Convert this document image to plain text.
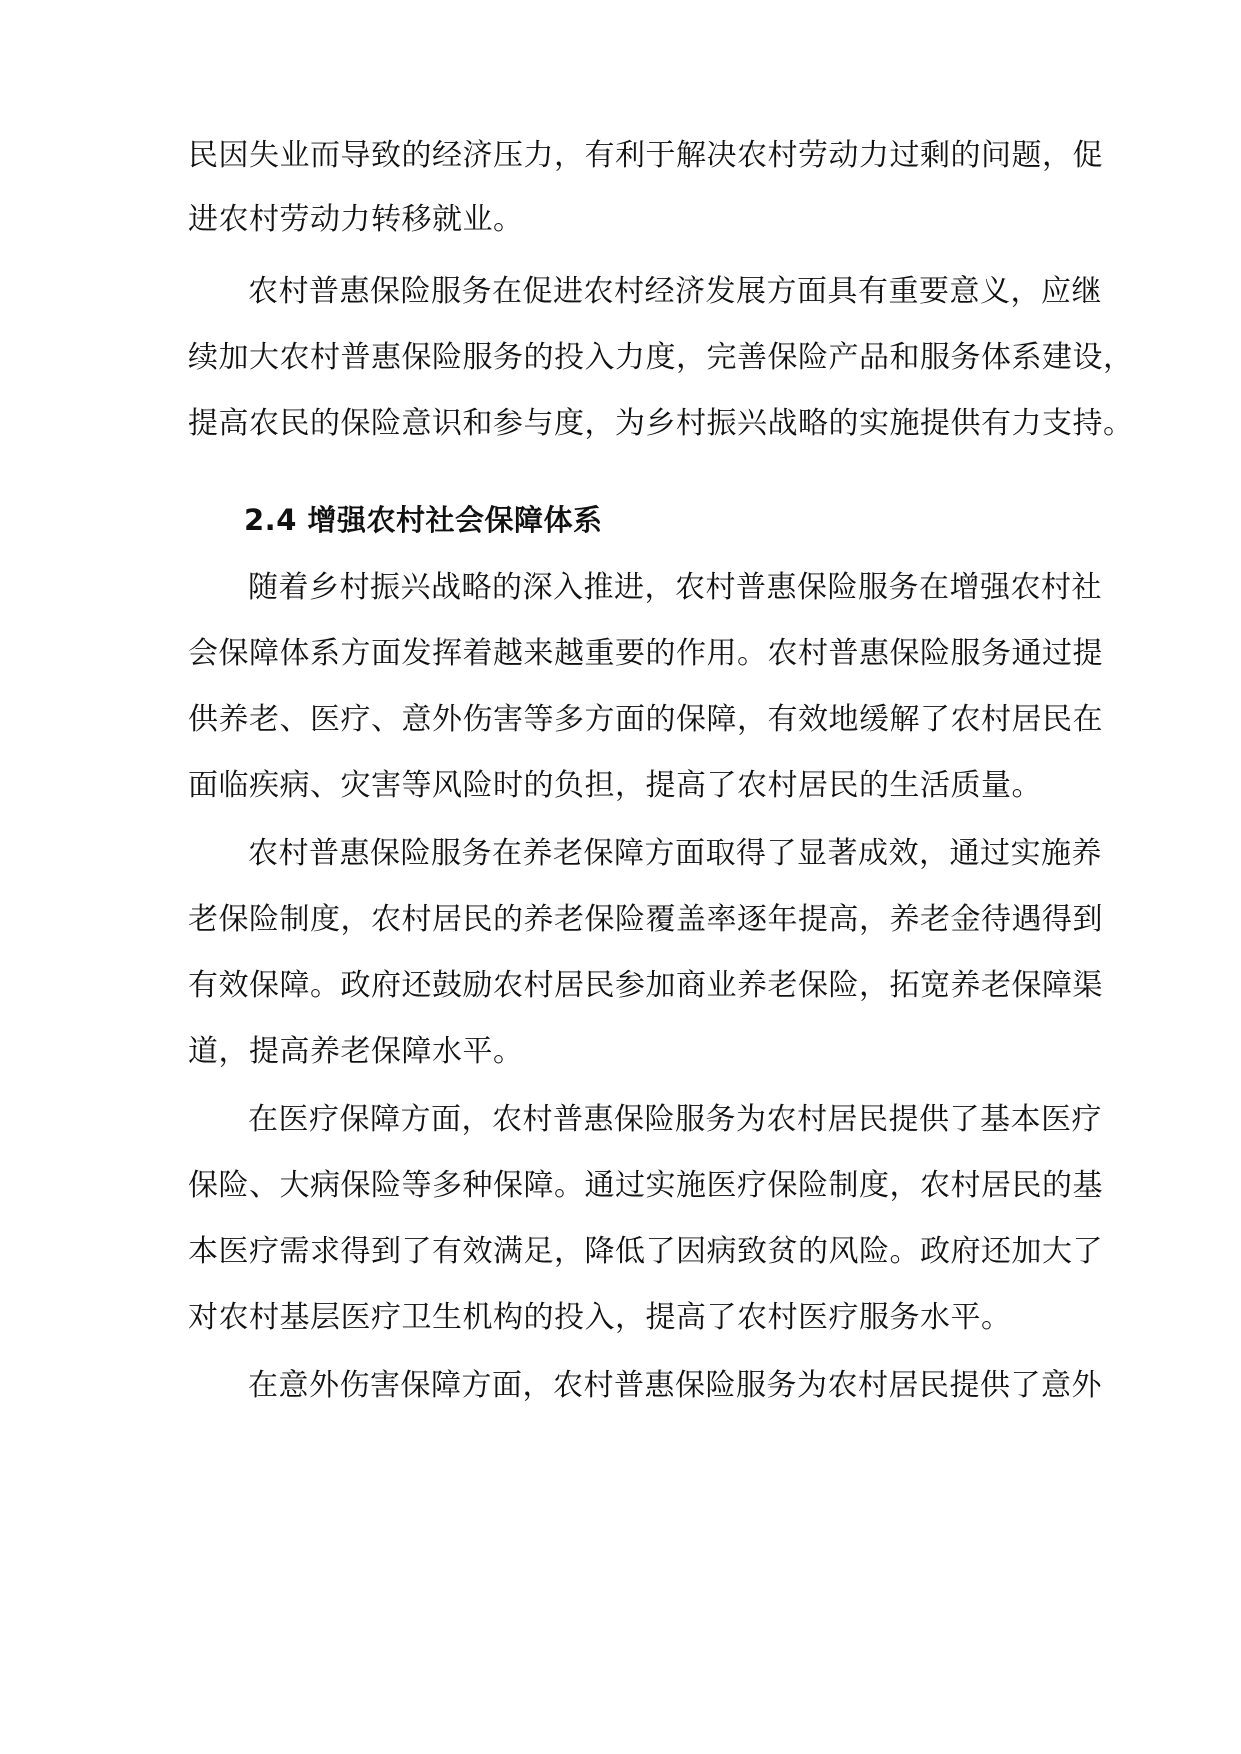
民因失业而导致的经济压力，有利于解决农村劳动力过剩的问题，促
进农村劳动力转移就业。
农村普惠保险服务在促进农村经济发展方面具有重要意义，应继
续加大农村普惠保险服务的投入力度，完善保险产品和服务体系建设，
提高农民的保险意识和参与度，为乡村振兴战略的实施提供有力支持。
2.4 增强农村社会保障体系
随着乡村振兴战略的深入推进，农村普惠保险服务在增强农村社
会保障体系方面发挥着越来越重要的作用。农村普惠保险服务通过提
供养老、医疗、意外伤害等多方面的保障，有效地缓解了农村居民在
面临疾病、灾害等风险时的负担，提高了农村居民的生活质量。
农村普惠保险服务在养老保障方面取得了显著成效，通过实施养
老保险制度，农村居民的养老保险覆盖率逐年提高，养老金待遇得到
有效保障。政府还鼓励农村居民参加商业养老保险，拓宽养老保障渠
道，提高养老保障水平。
在医疗保障方面，农村普惠保险服务为农村居民提供了基本医疗
保险、大病保险等多种保障。通过实施医疗保险制度，农村居民的基
本医疗需求得到了有效满足，降低了因病致贫的风险。政府还加大了
对农村基层医疗卫生机构的投入，提高了农村医疗服务水平。
在意外伤害保障方面，农村普惠保险服务为农村居民提供了意外
